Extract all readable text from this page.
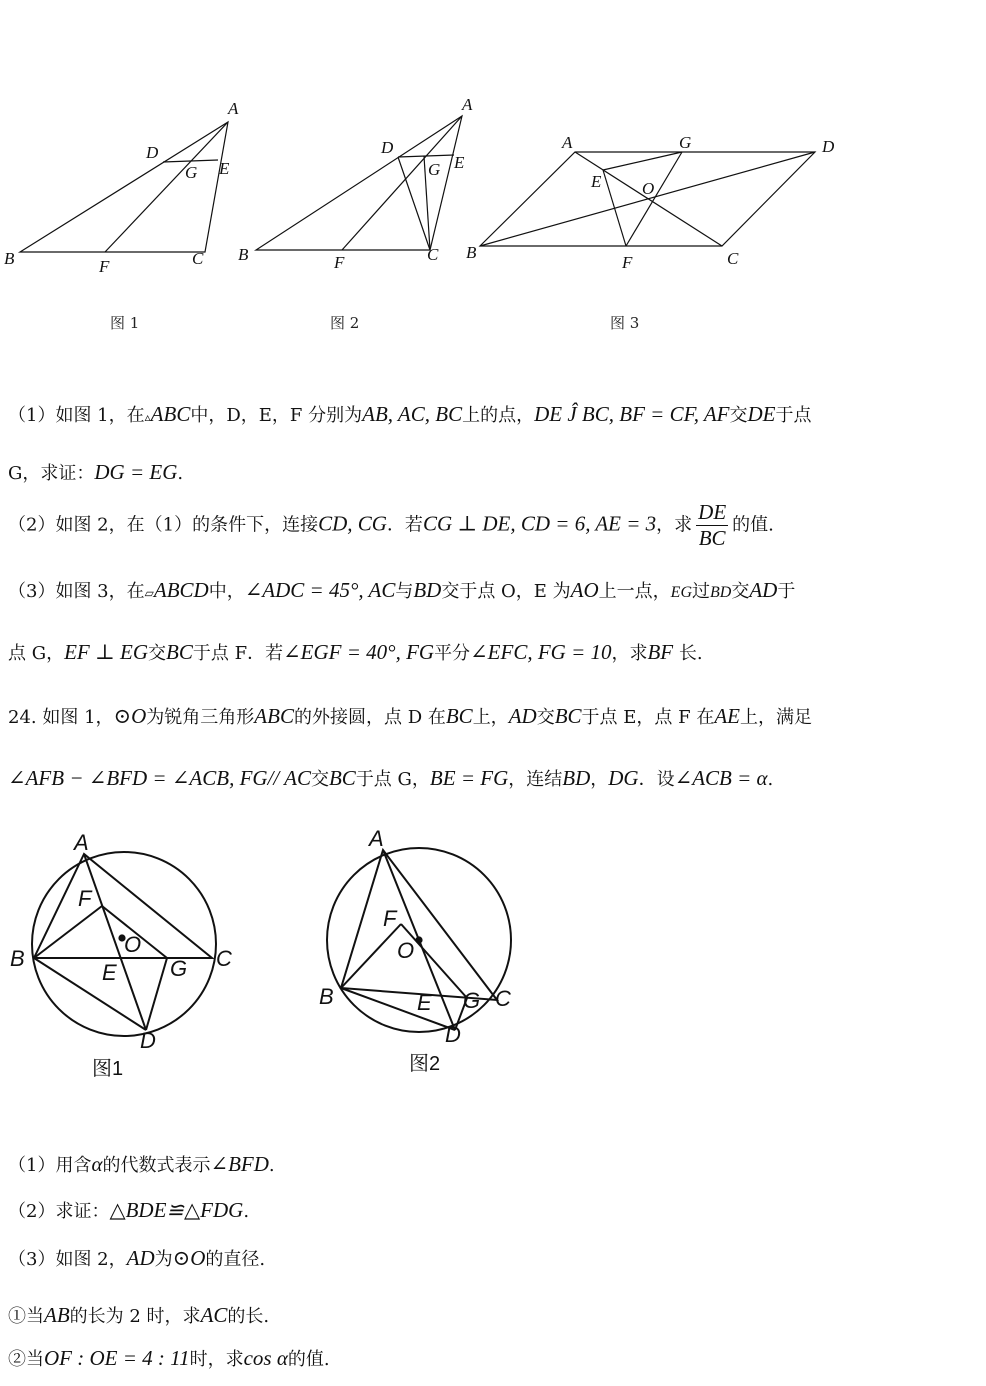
A
D
E
G
B	F	C
图 1
A
D
E
G
B	F	C
图 2
A	G	D
E O
B
F	C
图 3
（1）如图 1，在▵ABC中，D，E，F 分别为AB, AC, BC上的点，DE Ĵ BC, BF = CF, AF交DE于点
G，求证：DG = EG.
（2）如图 2，在（1）的条件下，连接CD, CG．若CG ⊥ DE, CD = 6, AE = 3，求 $\frac{DE}{BC}$ 的值.
（3）如图 3，在▱ABCD中，∠ADC = 45°, AC与BD交于点 O，E 为AO上一点，EG过BD交AD于
点 G，EF ⊥ EG交BC于点 F．若∠EGF = 40°, FG平分∠EFC, FG = 10，求BF 长.
24. 如图 1，⊙O为锐角三角形ABC的外接圆，点 D 在BC上，AD交BC于点 E，点 F 在AE上，满足
∠AFB − ∠BFD = ∠ACB, FG// AC交BC于点 G，BE = FG，连结BD，DG．设∠ACB = α.
A
F
O
B
E G C
D
图1
A
F
O
B	E G C
D
图2
（1）用含α的代数式表示∠BFD.
（2）求证：△BDE≌△FDG.
（3）如图 2，AD为⊙O的直径.
①当AB的长为 2 时，求AC的长.
②当OF : OE = 4 : 11时，求cos α的值.
